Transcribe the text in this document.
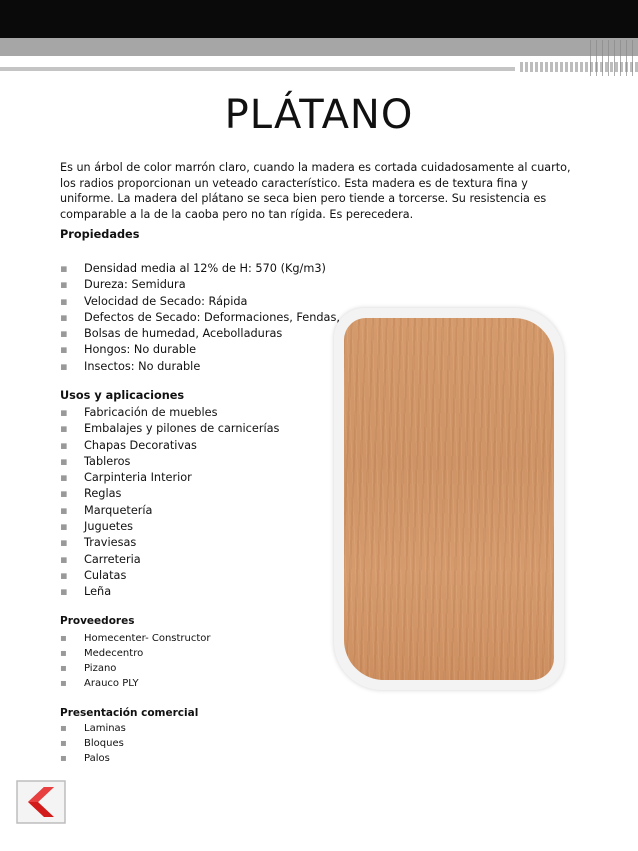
PLÁTANO
Es un árbol de color marrón claro, cuando la madera es cortada cuidadosamente al cuarto, los radios proporcionan un veteado característico. Esta madera es de textura fina y uniforme. La madera del plátano se seca bien pero tiende a torcerse. Su resistencia es comparable a la de la caoba pero no tan rígida. Es perecedera.
Propiedades
▪ Densidad media al 12% de H: 570 (Kg/m3)
▪ Dureza: Semidura
▪ Velocidad de Secado: Rápida
▪ Defectos de Secado: Deformaciones, Fendas,
▪ Bolsas de humedad, Acebolladuras
▪ Hongos: No durable
▪ Insectos: No durable
Usos y aplicaciones
▪ Fabricación de muebles
▪ Embalajes y pilones de carnicerías
▪ Chapas Decorativas
▪ Tableros
▪ Carpinteria Interior
▪ Reglas
▪ Marquetería
▪ Juguetes
▪ Traviesas
▪ Carreteria
▪ Culatas
▪ Leña
Proveedores
▪ Homecenter- Constructor
▪ Medecentro
▪ Pizano
▪ Arauco PLY
Presentación comercial
▪ Laminas
▪ Bloques
▪ Palos
